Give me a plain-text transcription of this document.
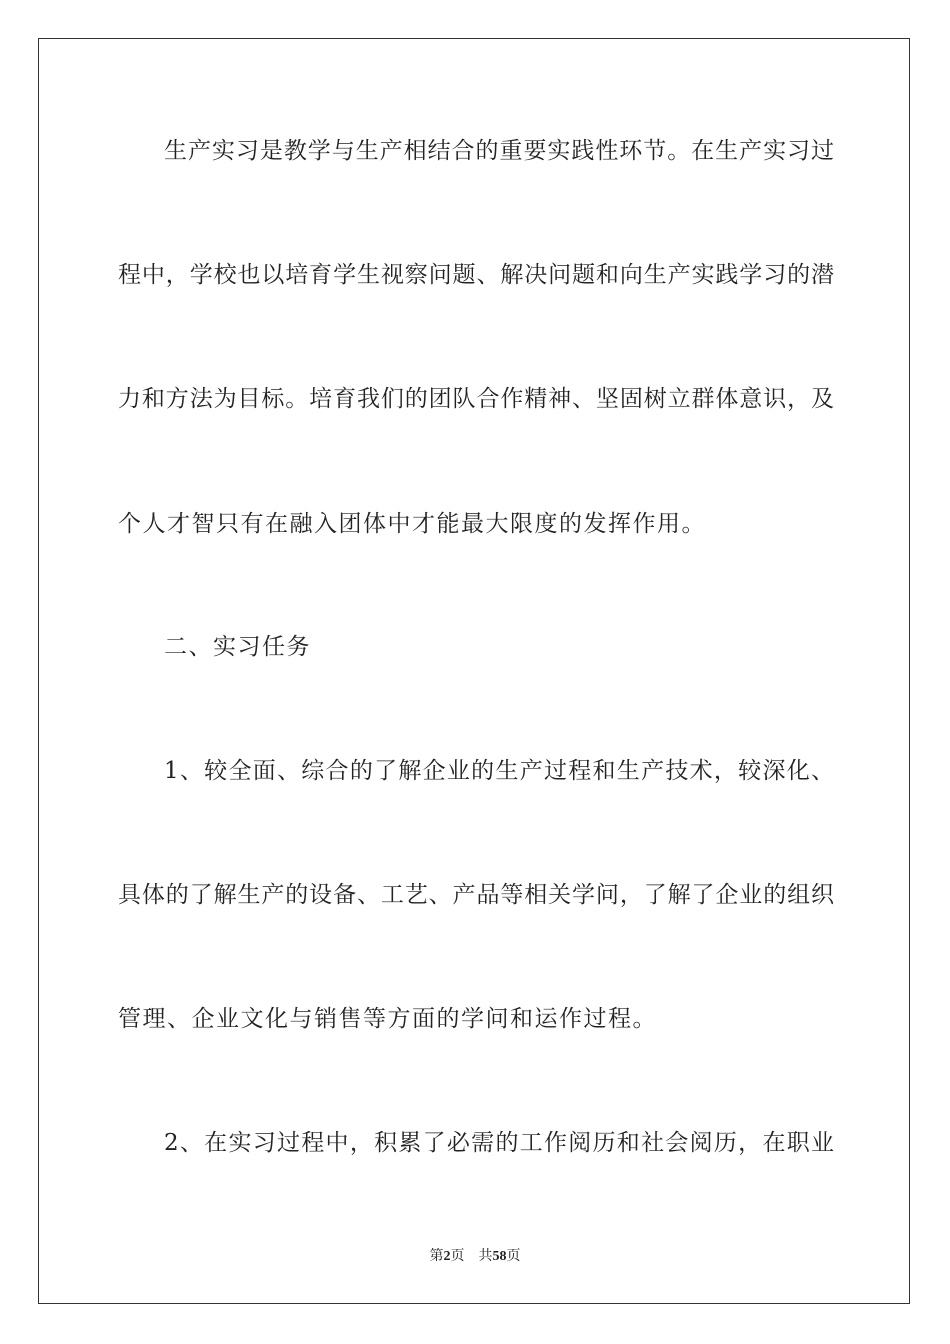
生产实习是教学与生产相结合的重要实践性环节。在生产实习过
程中，学校也以培育学生视察问题、解决问题和向生产实践学习的潜
力和方法为目标。培育我们的团队合作精神、坚固树立群体意识，及
个人才智只有在融入团体中才能最大限度的发挥作用。
二、实习任务
1、较全面、综合的了解企业的生产过程和生产技术，较深化、
具体的了解生产的设备、工艺、产品等相关学问，了解了企业的组织
管理、企业文化与销售等方面的学问和运作过程。
2、在实习过程中，积累了必需的工作阅历和社会阅历，在职业
第2页 共58页
